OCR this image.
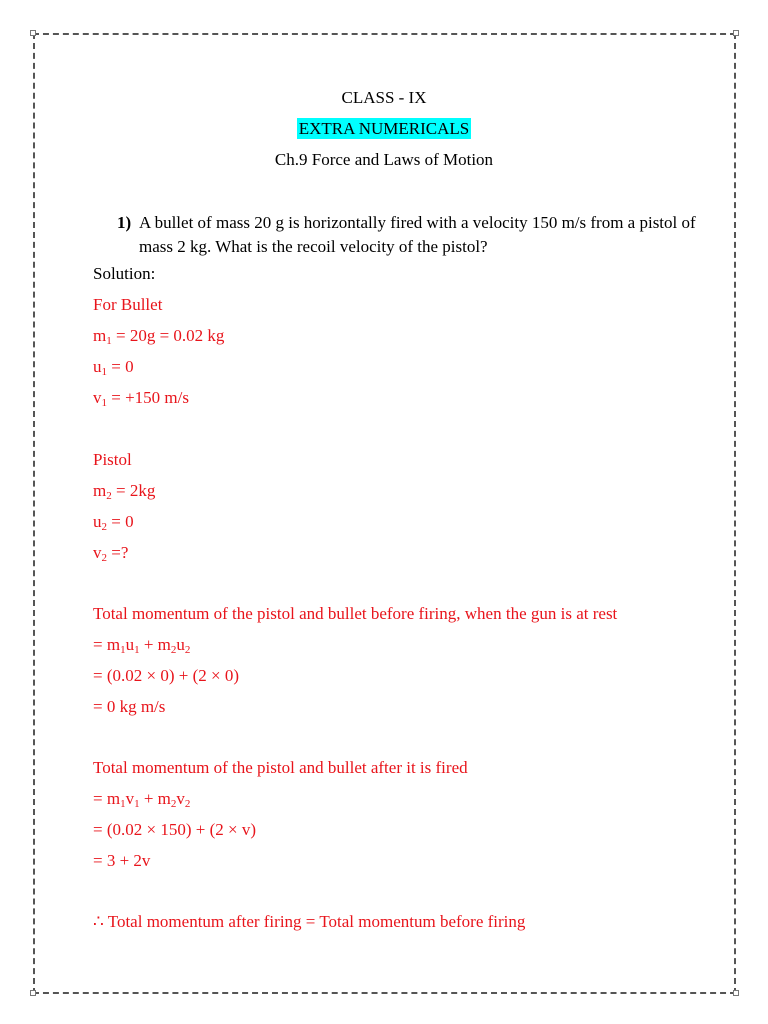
CLASS - IX
EXTRA NUMERICALS
Ch.9 Force and Laws of Motion
1) A bullet of mass 20 g is horizontally fired with a velocity 150 m/s from a pistol of mass 2 kg. What is the recoil velocity of the pistol?
Solution:
For Bullet
$m_1 = 20g = 0.02$ kg
$u_1 = 0$
$v_1 = +150$ m/s
Pistol
$m_2 = 2kg$
$u_2 = 0$
$v_2$ =?
Total momentum of the pistol and bullet before firing, when the gun is at rest
= $m_1u_1 + m_2u_2$
= (0.02 × 0) + (2 × 0)
= 0 kg m/s
Total momentum of the pistol and bullet after it is fired
= $m_1v_1 + m_2v_2$
= (0.02 × 150) + (2 × v)
= 3 + 2v
∴ Total momentum after firing = Total momentum before firing
